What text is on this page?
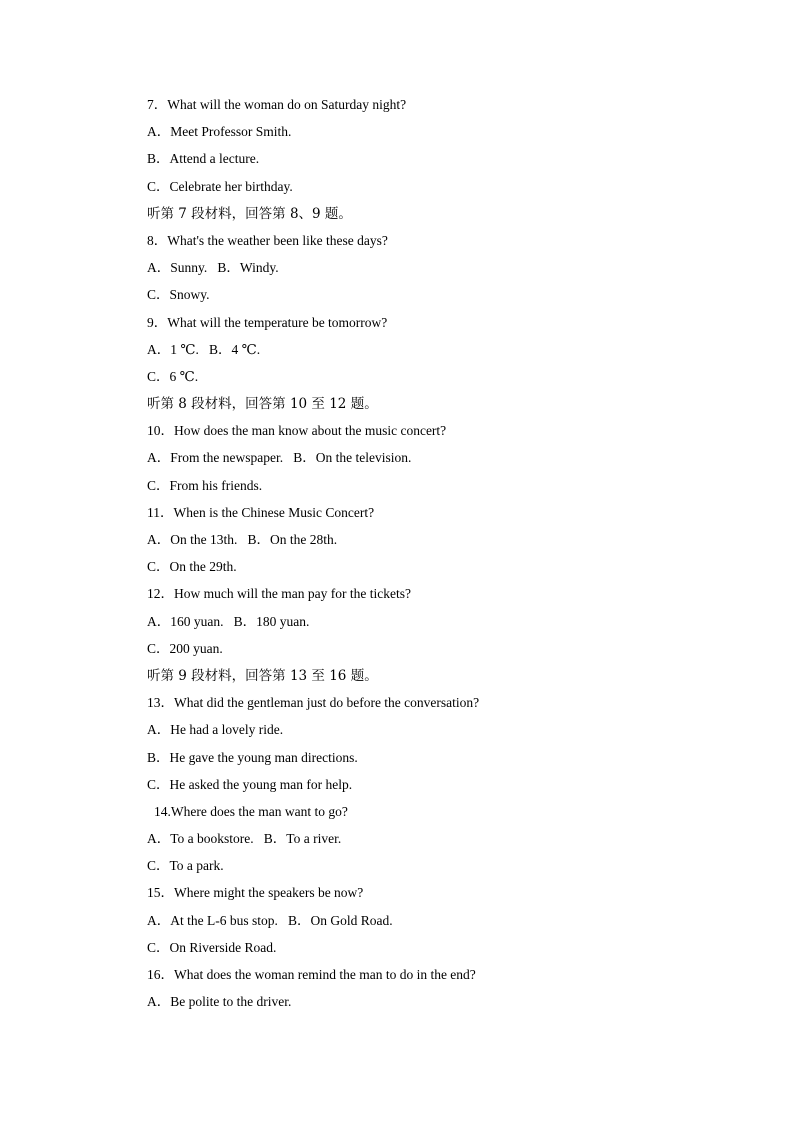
7．What will the woman do on Saturday night?
A．Meet Professor Smith.
B．Attend a lecture.
C．Celebrate her birthday.
听第 7 段材料，回答第 8、9 题。
8．What's the weather been like these days?
A．Sunny.   B．Windy.
C．Snowy.
9．What will the temperature be tomorrow?
A．1 ℃.   B．4 ℃.
C．6 ℃.
听第 8 段材料，回答第 10 至 12 题。
10．How does the man know about the music concert?
A．From the newspaper.   B．On the television.
C．From his friends.
11．When is the Chinese Music Concert?
A．On the 13th.   B．On the 28th.
C．On the 29th.
12．How much will the man pay for the tickets?
A．160 yuan.   B．180 yuan.
C．200 yuan.
听第 9 段材料，回答第 13 至 16 题。
13．What did the gentleman just do before the conversation?
A．He had a lovely ride.
B．He gave the young man directions.
C．He asked the young man for help.
14.Where does the man want to go?
A．To a bookstore.   B．To a river.
C．To a park.
15．Where might the speakers be now?
A．At the L-6 bus stop.   B．On Gold Road.
C．On Riverside Road.
16．What does the woman remind the man to do in the end?
A．Be polite to the driver.
